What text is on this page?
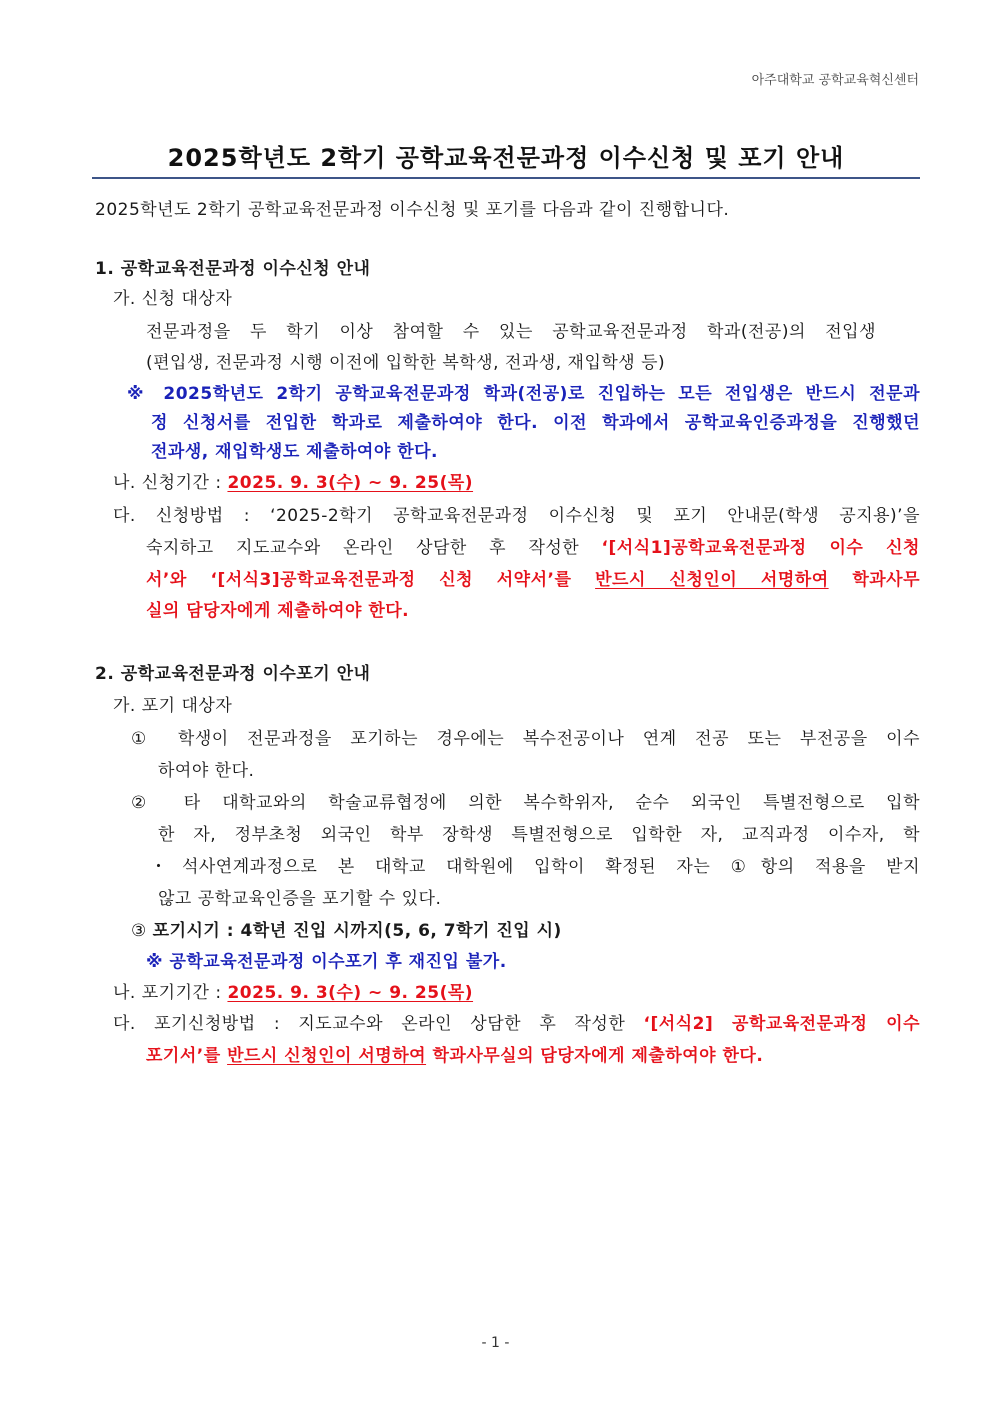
아주대학교 공학교육혁신센터
2025학년도 2학기 공학교육전문과정 이수신청 및 포기 안내
2025학년도 2학기 공학교육전문과정 이수신청 및 포기를 다음과 같이 진행합니다.
1. 공학교육전문과정 이수신청 안내
가. 신청 대상자
전문과정을 두 학기 이상 참여할 수 있는 공학교육전문과정 학과(전공)의 전입생
(편입생, 전문과정 시행 이전에 입학한 복학생, 전과생, 재입학생 등)
※ 2025학년도 2학기 공학교육전문과정 학과(전공)로 진입하는 모든 전입생은 반드시 전문과
정 신청서를 전입한 학과로 제출하여야 한다. 이전 학과에서 공학교육인증과정을 진행했던
전과생, 재입학생도 제출하여야 한다.
나. 신청기간 : 2025. 9. 3(수) ~ 9. 25(목)
다. 신청방법 : ‘2025-2학기 공학교육전문과정 이수신청 및 포기 안내문(학생 공지용)’을
숙지하고 지도교수와 온라인 상담한 후 작성한 ‘[서식1]공학교육전문과정 이수 신청
서’와 ‘[서식3]공학교육전문과정 신청 서약서’를 반드시 신청인이 서명하여 학과사무
실의 담당자에게 제출하여야 한다.
2. 공학교육전문과정 이수포기 안내
가. 포기 대상자
① 학생이 전문과정을 포기하는 경우에는 복수전공이나 연계 전공 또는 부전공을 이수
하여야 한다.
② 타 대학교와의 학술교류협정에 의한 복수학위자, 순수 외국인 특별전형으로 입학
한 자, 정부초청 외국인 학부 장학생 특별전형으로 입학한 자, 교직과정 이수자, 학
・석사연계과정으로 본 대학교 대학원에 입학이 확정된 자는 ①항의 적용을 받지
않고 공학교육인증을 포기할 수 있다.
③ 포기시기 : 4학년 진입 시까지(5, 6, 7학기 진입 시)
※ 공학교육전문과정 이수포기 후 재진입 불가.
나. 포기기간 : 2025. 9. 3(수) ~ 9. 25(목)
다. 포기신청방법 : 지도교수와 온라인 상담한 후 작성한 ‘[서식2] 공학교육전문과정 이수
포기서’를 반드시 신청인이 서명하여 학과사무실의 담당자에게 제출하여야 한다.
- 1 -
